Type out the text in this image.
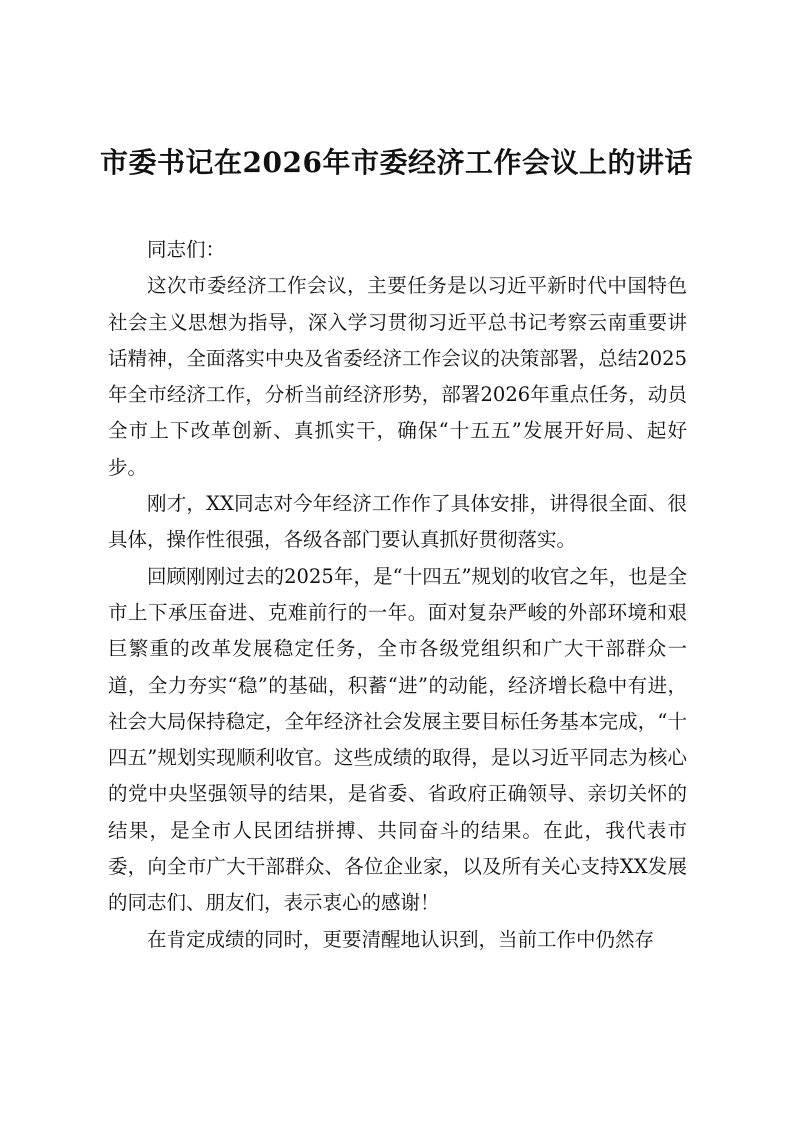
市委书记在2026年市委经济工作会议上的讲话

同志们：

这次市委经济工作会议，主要任务是以习近平新时代中国特色社会主义思想为指导，深入学习贯彻习近平总书记考察云南重要讲话精神，全面落实中央及省委经济工作会议的决策部署，总结2025年全市经济工作，分析当前经济形势，部署2026年重点任务，动员全市上下改革创新、真抓实干，确保“十五五”发展开好局、起好步。

刚才，XX同志对今年经济工作作了具体安排，讲得很全面、很具体，操作性很强，各级各部门要认真抓好贯彻落实。

回顾刚刚过去的2025年，是“十四五”规划的收官之年，也是全市上下承压奋进、克难前行的一年。面对复杂严峻的外部环境和艰巨繁重的改革发展稳定任务，全市各级党组织和广大干部群众一道，全力夯实“稳”的基础，积蓄“进”的动能，经济增长稳中有进，社会大局保持稳定，全年经济社会发展主要目标任务基本完成，“十四五”规划实现顺利收官。这些成绩的取得，是以习近平同志为核心的党中央坚强领导的结果，是省委、省政府正确领导、亲切关怀的结果，是全市人民团结拼搏、共同奋斗的结果。在此，我代表市委，向全市广大干部群众、各位企业家，以及所有关心支持XX发展的同志们、朋友们，表示衷心的感谢！

在肯定成绩的同时，更要清醒地认识到，当前工作中仍然存
